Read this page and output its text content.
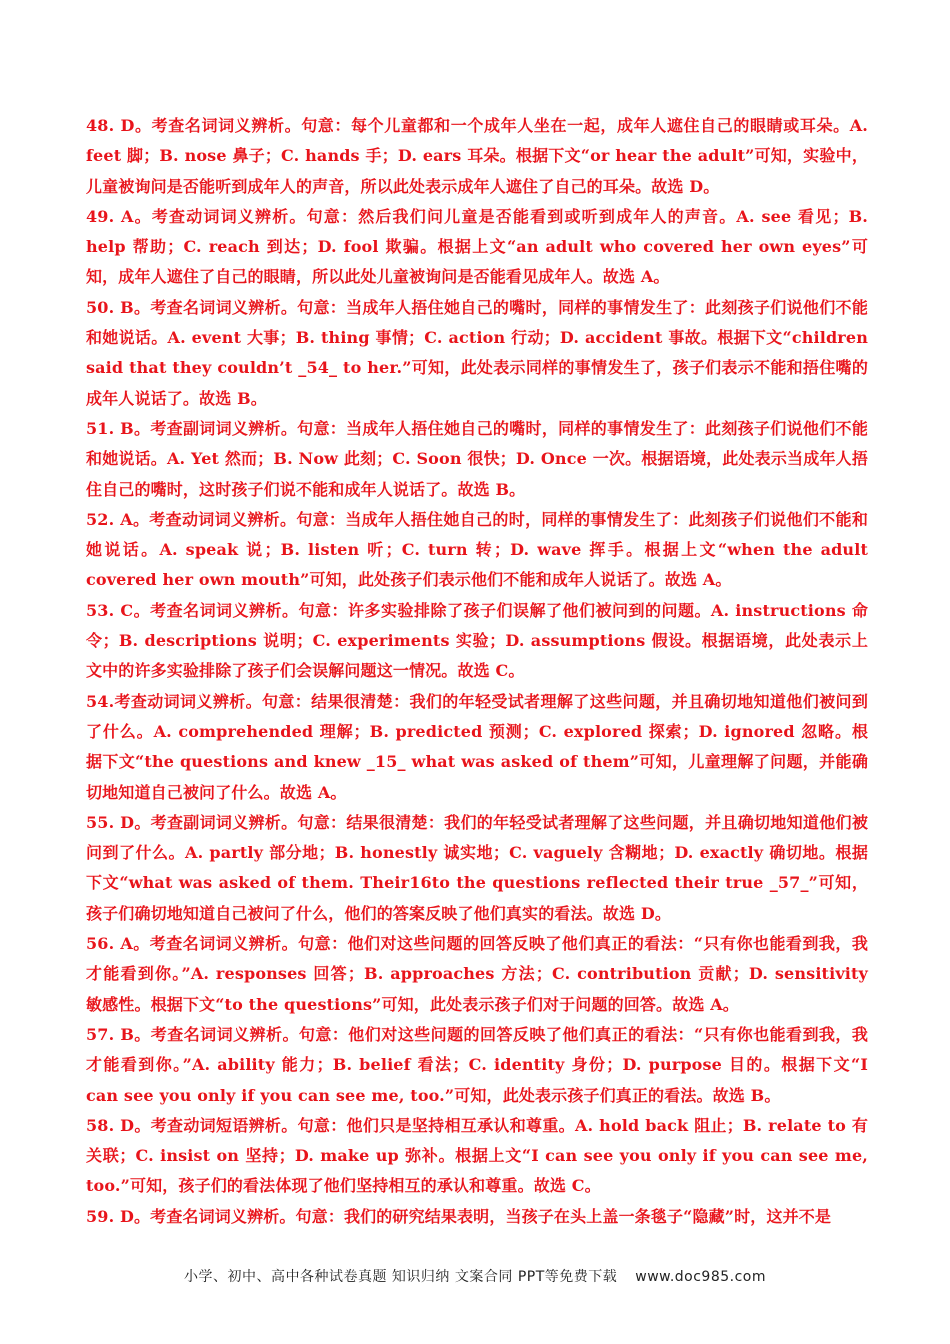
48. D。考查名词词义辨析。句意：每个儿童都和一个成年人坐在一起，成年人遮住自己的眼睛或耳朵。A. feet 脚；B. nose 鼻子；C. hands 手；D. ears 耳朵。根据下文“or hear the adult”可知，实验中，儿童被询问是否能听到成年人的声音，所以此处表示成年人遮住了自己的耳朵。故选 D。

49. A。考查动词词义辨析。句意：然后我们问儿童是否能看到或听到成年人的声音。A. see 看见；B. help 帮助；C. reach 到达；D. fool 欺骗。根据上文“an adult who covered her own eyes”可知，成年人遮住了自己的眼睛，所以此处儿童被询问是否能看见成年人。故选 A。

50. B。考查名词词义辨析。句意：当成年人捂住她自己的嘴时，同样的事情发生了：此刻孩子们说他们不能和她说话。A. event 大事；B. thing 事情；C. action 行动；D. accident 事故。根据下文“children said that they couldn’t _54_ to her.”可知，此处表示同样的事情发生了，孩子们表示不能和捂住嘴的成年人说话了。故选 B。

51. B。考查副词词义辨析。句意：当成年人捂住她自己的嘴时，同样的事情发生了：此刻孩子们说他们不能和她说话。A. Yet 然而；B. Now 此刻；C. Soon 很快；D. Once 一次。根据语境，此处表示当成年人捂住自己的嘴时，这时孩子们说不能和成年人说话了。故选 B。

52. A。考查动词词义辨析。句意：当成年人捂住她自己的时，同样的事情发生了：此刻孩子们说他们不能和她说话。A. speak 说；B. listen 听；C. turn 转；D. wave 挥手。根据上文“when the adult covered her own mouth”可知，此处孩子们表示他们不能和成年人说话了。故选 A。

53. C。考查名词词义辨析。句意：许多实验排除了孩子们误解了他们被问到的问题。A. instructions 命令；B. descriptions 说明；C. experiments 实验；D. assumptions 假设。根据语境，此处表示上文中的许多实验排除了孩子们会误解问题这一情况。故选 C。

54.考查动词词义辨析。句意：结果很清楚：我们的年轻受试者理解了这些问题，并且确切地知道他们被问到了什么。A. comprehended 理解；B. predicted 预测；C. explored 探索；D. ignored 忽略。根据下文“the questions and knew _15_ what was asked of them”可知，儿童理解了问题，并能确切地知道自己被问了什么。故选 A。

55. D。考查副词词义辨析。句意：结果很清楚：我们的年轻受试者理解了这些问题，并且确切地知道他们被问到了什么。A. partly 部分地；B. honestly 诚实地；C. vaguely 含糊地；D. exactly 确切地。根据下文“what was asked of them. Their16to the questions reflected their true _57_”可知，孩子们确切地知道自己被问了什么，他们的答案反映了他们真实的看法。故选 D。

56. A。考查名词词义辨析。句意：他们对这些问题的回答反映了他们真正的看法：“只有你也能看到我，我才能看到你。”A. responses 回答；B. approaches 方法；C. contribution 贡献；D. sensitivity 敏感性。根据下文“to the questions”可知，此处表示孩子们对于问题的回答。故选 A。

57. B。考查名词词义辨析。句意：他们对这些问题的回答反映了他们真正的看法：“只有你也能看到我，我才能看到你。”A. ability 能力；B. belief 看法；C. identity 身份；D. purpose 目的。根据下文“I can see you only if you can see me, too.”可知，此处表示孩子们真正的看法。故选 B。

58. D。考查动词短语辨析。句意：他们只是坚持相互承认和尊重。A. hold back 阻止；B. relate to 有关联；C. insist on 坚持；D. make up 弥补。根据上文“I can see you only if you can see me, too.”可知，孩子们的看法体现了他们坚持相互的承认和尊重。故选 C。

59. D。考查名词词义辨析。句意：我们的研究结果表明，当孩子在头上盖一条毯子“隐藏”时，这并不是

小学、初中、高中各种试卷真题 知识归纳 文案合同 PPT等免费下载 www.doc985.com
